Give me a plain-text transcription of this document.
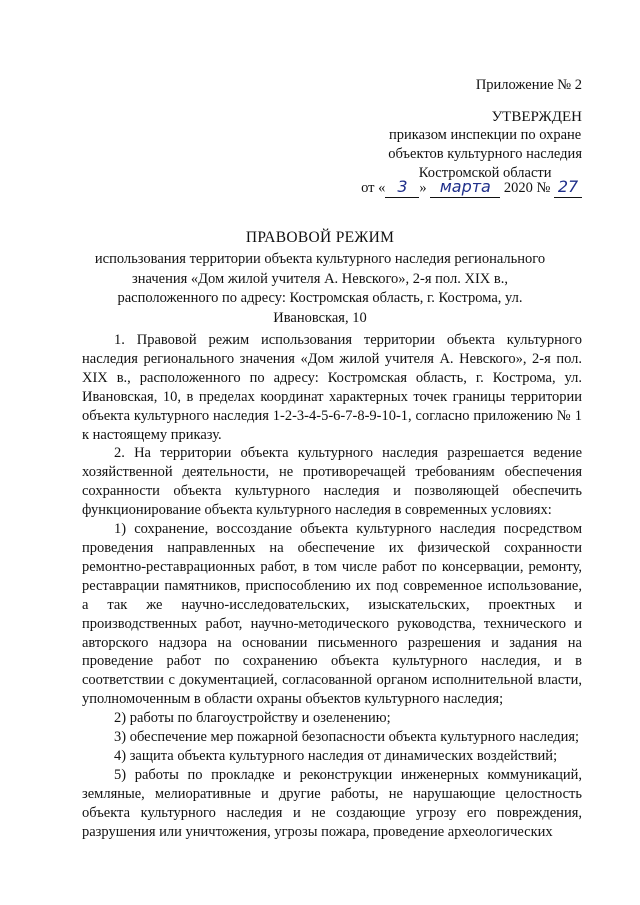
Приложение № 2
УТВЕРЖДЕН
приказом инспекции по охране
объектов культурного наследия
Костромской области
от « 3 » марта 2020 № 27
ПРАВОВОЙ РЕЖИМ
использования территории объекта культурного наследия регионального значения «Дом жилой учителя А. Невского», 2-я пол. XIX в., расположенного по адресу: Костромская область, г. Кострома, ул. Ивановская, 10

1. Правовой режим использования территории объекта культурного наследия регионального значения «Дом жилой учителя А. Невского», 2-я пол. XIX в., расположенного по адресу: Костромская область, г. Кострома, ул. Ивановская, 10, в пределах координат характерных точек границы территории объекта культурного наследия 1-2-3-4-5-6-7-8-9-10-1, согласно приложению № 1 к настоящему приказу.

2. На территории объекта культурного наследия разрешается ведение хозяйственной деятельности, не противоречащей требованиям обеспечения сохранности объекта культурного наследия и позволяющей обеспечить функционирование объекта культурного наследия в современных условиях:

1) сохранение, воссоздание объекта культурного наследия посредством проведения направленных на обеспечение их физической сохранности ремонтно-реставрационных работ, в том числе работ по консервации, ремонту, реставрации памятников, приспособлению их под современное использование, а так же научно-исследовательских, изыскательских, проектных и производственных работ, научно-методического руководства, технического и авторского надзора на основании письменного разрешения и задания на проведение работ по сохранению объекта культурного наследия, и в соответствии с документацией, согласованной органом исполнительной власти, уполномоченным в области охраны объектов культурного наследия;

2) работы по благоустройству и озеленению;

3) обеспечение мер пожарной безопасности объекта культурного наследия;

4) защита объекта культурного наследия от динамических воздействий;

5) работы по прокладке и реконструкции инженерных коммуникаций, земляные, мелиоративные и другие работы, не нарушающие целостность объекта культурного наследия и не создающие угрозу его повреждения, разрушения или уничтожения, угрозы пожара, проведение археологических
